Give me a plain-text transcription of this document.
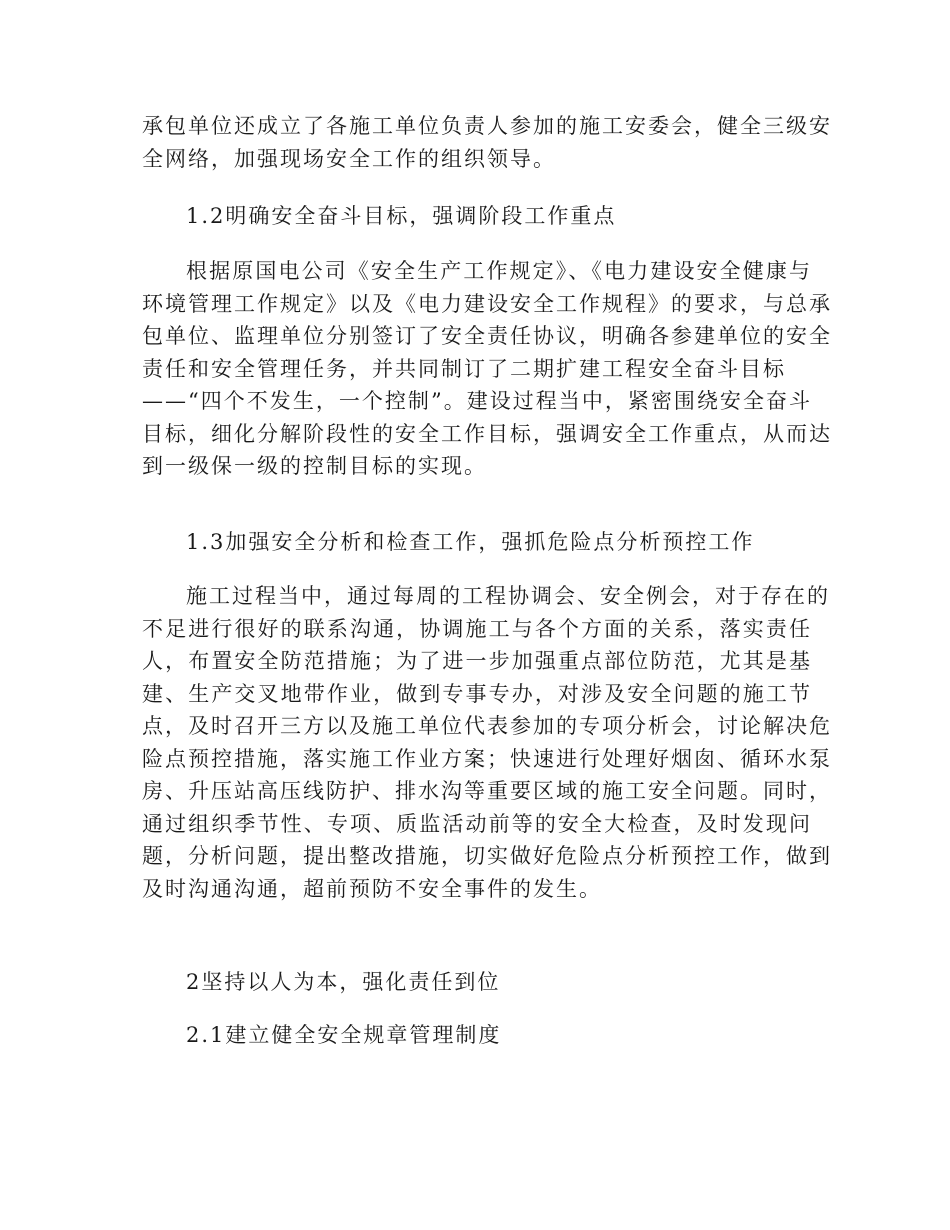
承包单位还成立了各施工单位负责人参加的施工安委会，健全三级安
全网络，加强现场安全工作的组织领导。
1.2明确安全奋斗目标，强调阶段工作重点
根据原国电公司《安全生产工作规定》、《电力建设安全健康与
环境管理工作规定》以及《电力建设安全工作规程》的要求，与总承
包单位、监理单位分别签订了安全责任协议，明确各参建单位的安全
责任和安全管理任务，并共同制订了二期扩建工程安全奋斗目标
——“四个不发生，一个控制”。建设过程当中，紧密围绕安全奋斗
目标，细化分解阶段性的安全工作目标，强调安全工作重点，从而达
到一级保一级的控制目标的实现。
1.3加强安全分析和检查工作，强抓危险点分析预控工作
施工过程当中，通过每周的工程协调会、安全例会，对于存在的
不足进行很好的联系沟通，协调施工与各个方面的关系，落实责任
人，布置安全防范措施；为了进一步加强重点部位防范，尤其是基
建、生产交叉地带作业，做到专事专办，对涉及安全问题的施工节
点，及时召开三方以及施工单位代表参加的专项分析会，讨论解决危
险点预控措施，落实施工作业方案；快速进行处理好烟囱、循环水泵
房、升压站高压线防护、排水沟等重要区域的施工安全问题。同时，
通过组织季节性、专项、质监活动前等的安全大检查，及时发现问
题，分析问题，提出整改措施，切实做好危险点分析预控工作，做到
及时沟通沟通，超前预防不安全事件的发生。
2坚持以人为本，强化责任到位
2.1建立健全安全规章管理制度
